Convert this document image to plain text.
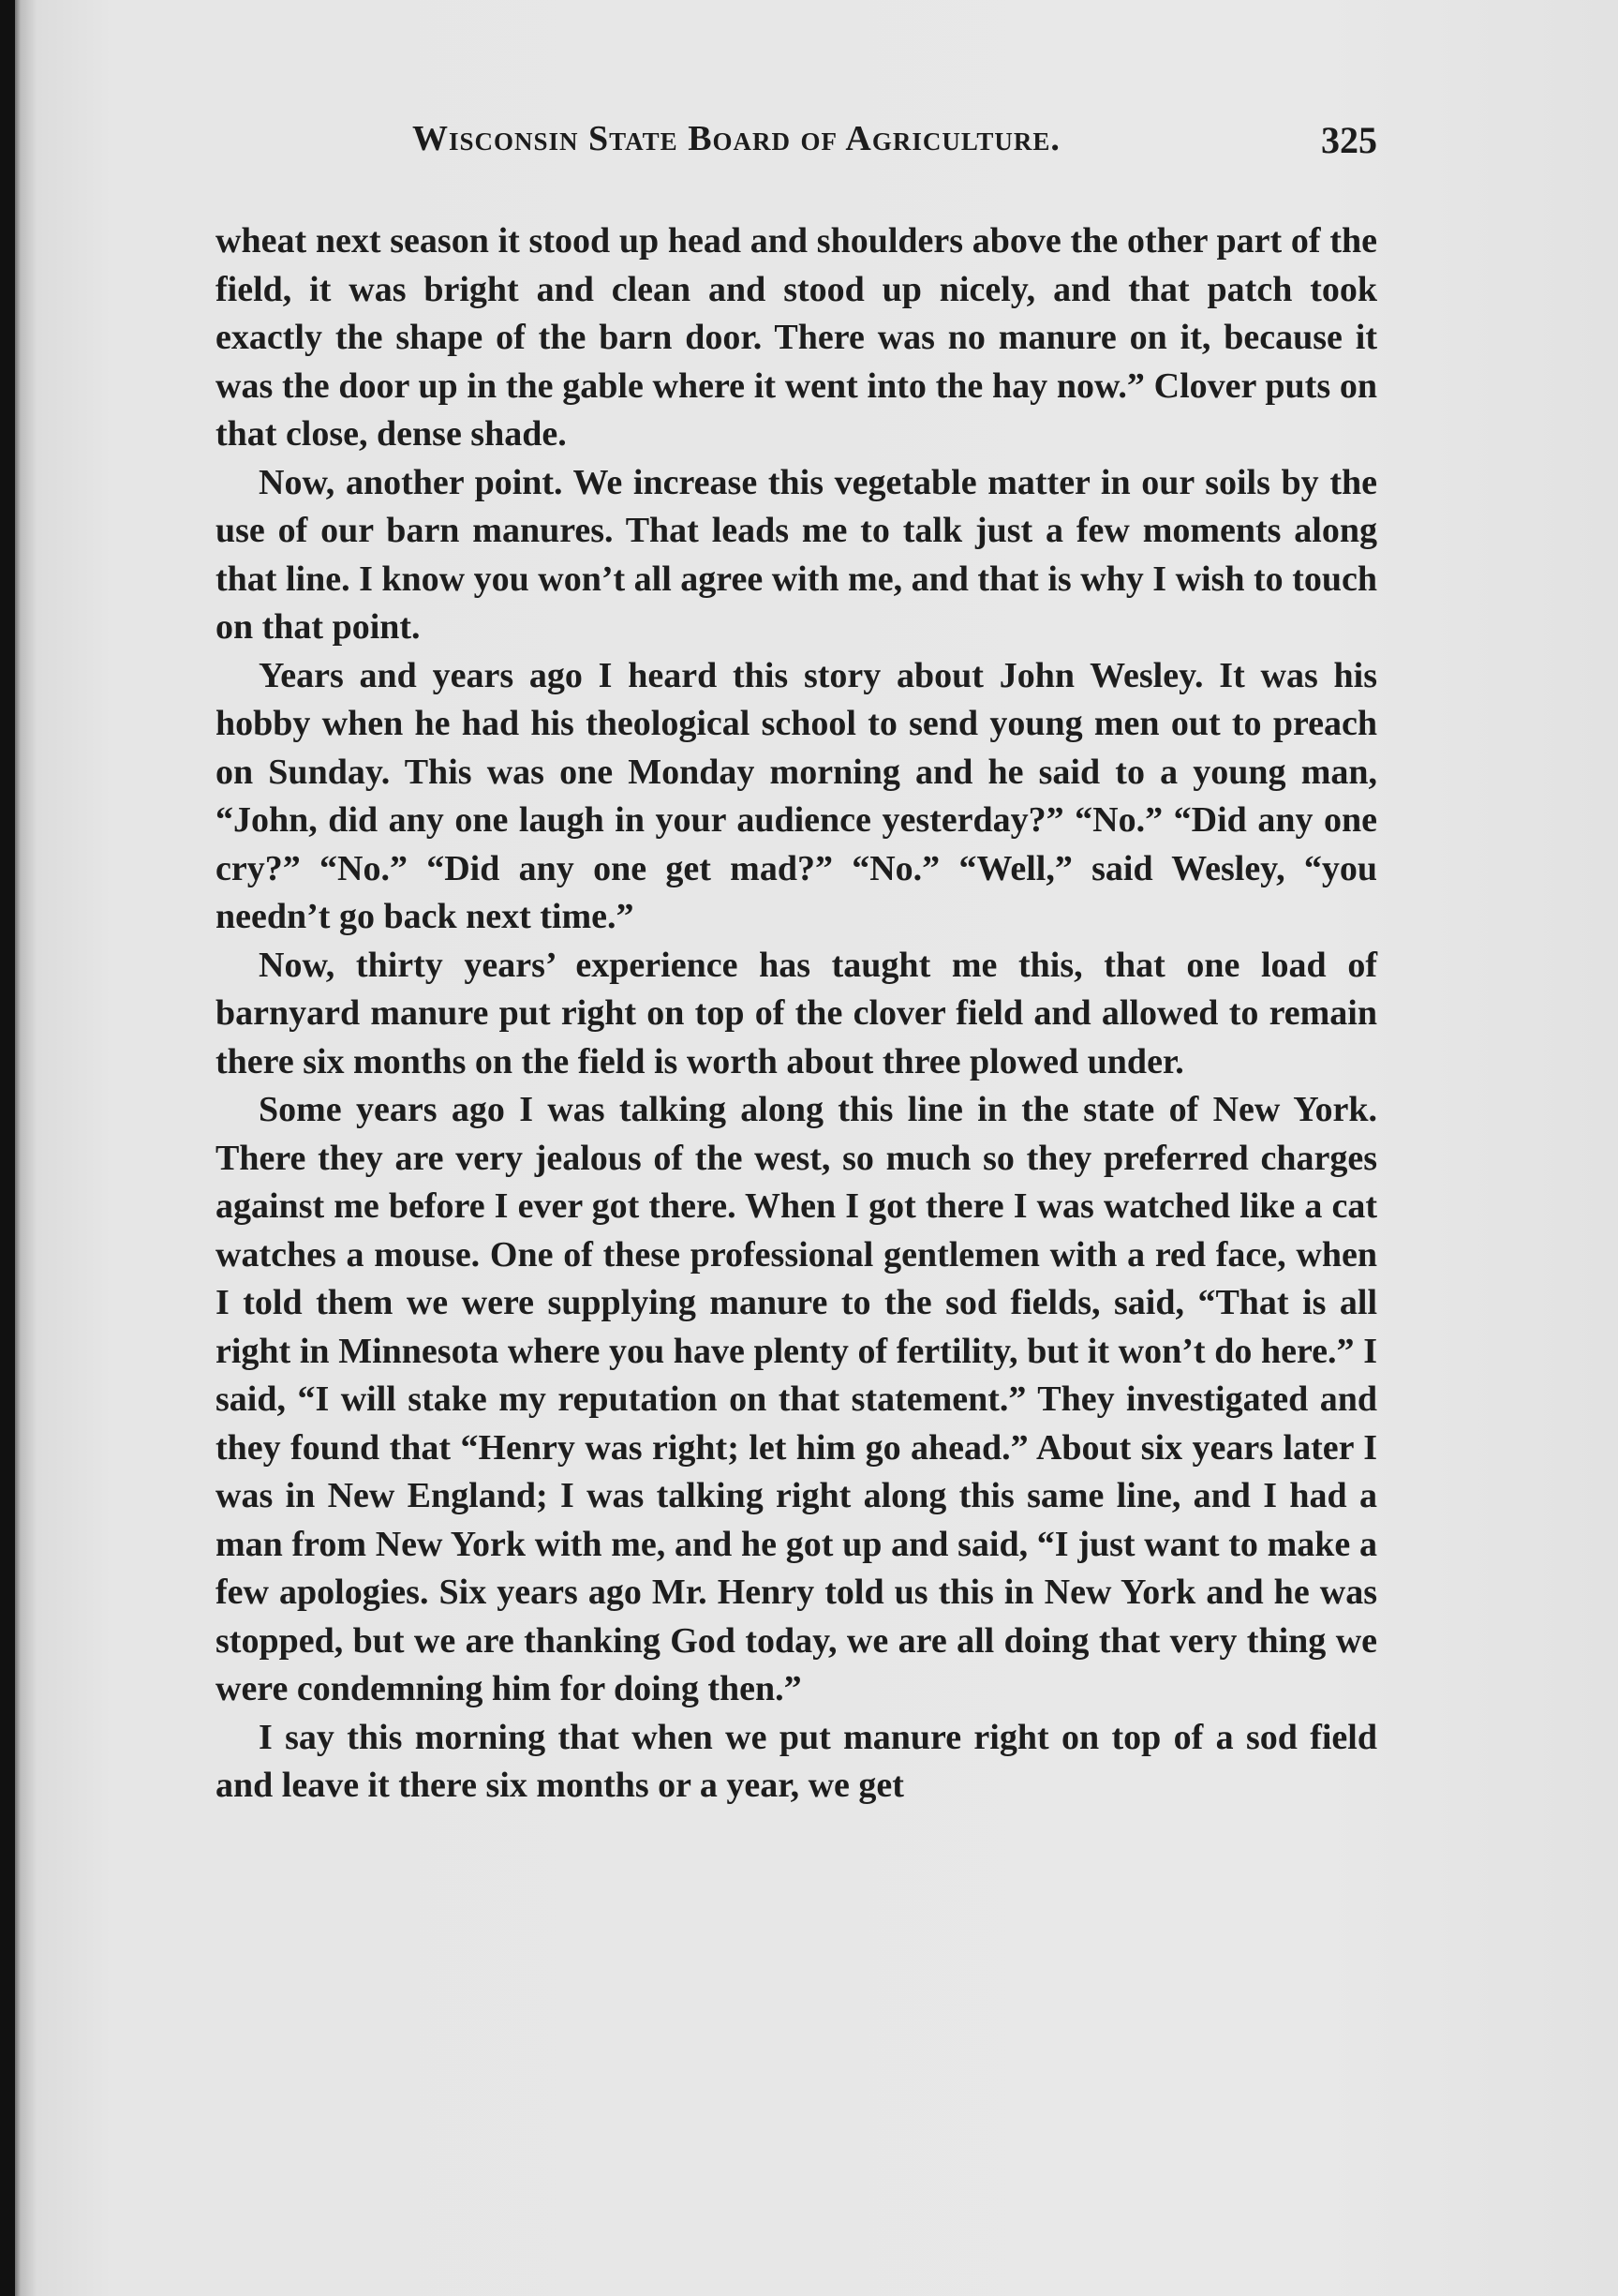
Wisconsin State Board of Agriculture.	325

wheat next season it stood up head and shoulders above the other part of the field, it was bright and clean and stood up nicely, and that patch took exactly the shape of the barn door. There was no manure on it, because it was the door up in the gable where it went into the hay now.” Clover puts on that close, dense shade.

Now, another point. We increase this vegetable matter in our soils by the use of our barn manures. That leads me to talk just a few moments along that line. I know you won’t all agree with me, and that is why I wish to touch on that point.

Years and years ago I heard this story about John Wesley. It was his hobby when he had his theological school to send young men out to preach on Sunday. This was one Monday morning and he said to a young man, “John, did any one laugh in your audience yesterday?” “No.” “Did any one cry?” “No.” “Did any one get mad?” “No.” “Well,” said Wesley, “you needn’t go back next time.”

Now, thirty years’ experience has taught me this, that one load of barnyard manure put right on top of the clover field and allowed to remain there six months on the field is worth about three plowed under.

Some years ago I was talking along this line in the state of New York. There they are very jealous of the west, so much so they preferred charges against me before I ever got there. When I got there I was watched like a cat watches a mouse. One of these professional gentlemen with a red face, when I told them we were supplying manure to the sod fields, said, “That is all right in Minnesota where you have plenty of fertility, but it won’t do here.” I said, “I will stake my reputation on that statement.” They investigated and they found that “Henry was right; let him go ahead.” About six years later I was in New England; I was talking right along this same line, and I had a man from New York with me, and he got up and said, “I just want to make a few apologies. Six years ago Mr. Henry told us this in New York and he was stopped, but we are thanking God today, we are all doing that very thing we were condemning him for doing then.”

I say this morning that when we put manure right on top of a sod field and leave it there six months or a year, we get
